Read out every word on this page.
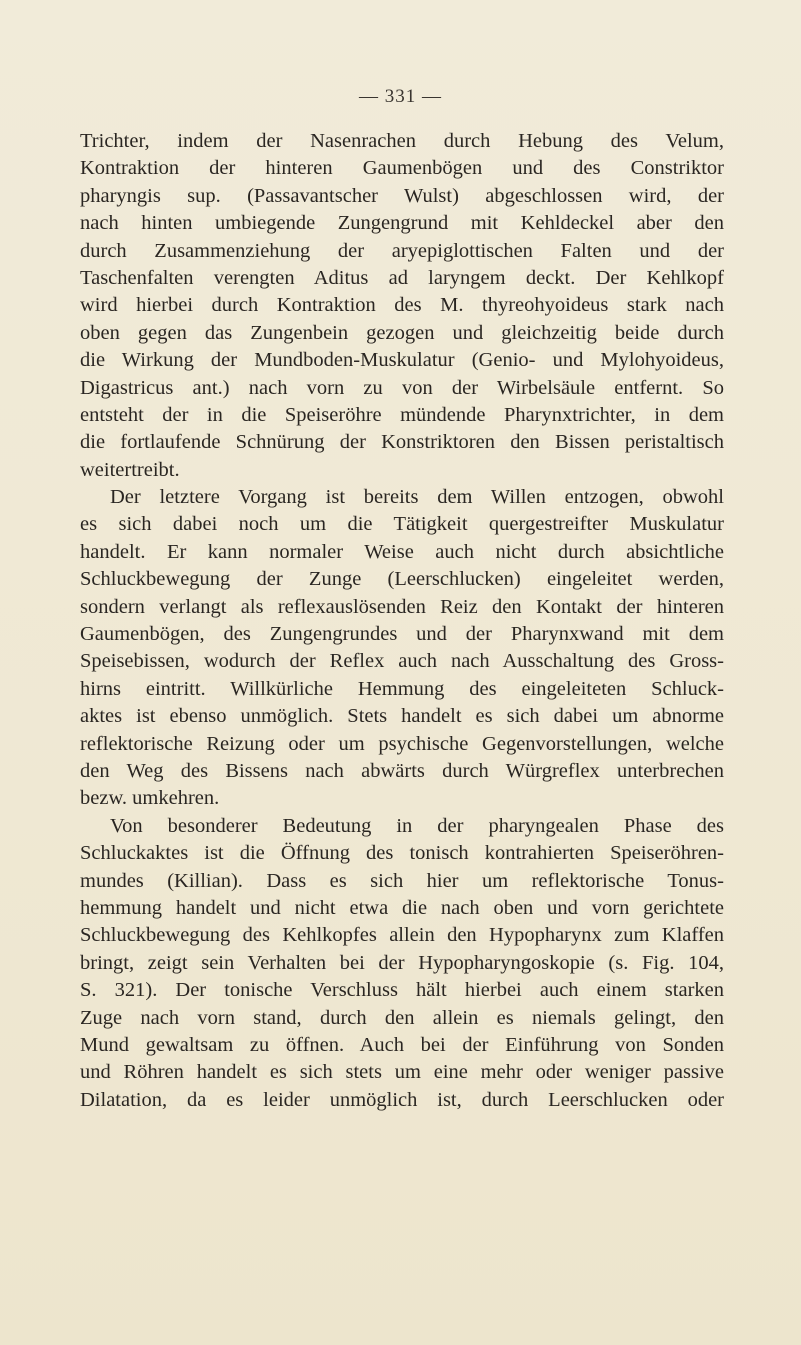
— 331 —
Trichter, indem der Nasenrachen durch Hebung des Velum,
Kontraktion der hinteren Gaumenbögen und des Constriktor
pharyngis sup. (Passavantscher Wulst) abgeschlossen wird, der
nach hinten umbiegende Zungengrund mit Kehldeckel aber den
durch Zusammenziehung der aryepiglottischen Falten und der
Taschenfalten verengten Aditus ad laryngem deckt. Der Kehlkopf
wird hierbei durch Kontraktion des M. thyreohyoideus stark nach
oben gegen das Zungenbein gezogen und gleichzeitig beide durch
die Wirkung der Mundboden-Muskulatur (Genio- und Mylohyoideus,
Digastricus ant.) nach vorn zu von der Wirbelsäule entfernt. So
entsteht der in die Speiseröhre mündende Pharynxtrichter, in dem
die fortlaufende Schnürung der Konstriktoren den Bissen peristaltisch
weitertreibt.
Der letztere Vorgang ist bereits dem Willen entzogen, obwohl
es sich dabei noch um die Tätigkeit quergestreifter Muskulatur
handelt. Er kann normaler Weise auch nicht durch absichtliche
Schluckbewegung der Zunge (Leerschlucken) eingeleitet werden,
sondern verlangt als reflexauslösenden Reiz den Kontakt der hinteren
Gaumenbögen, des Zungengrundes und der Pharynxwand mit dem
Speisebissen, wodurch der Reflex auch nach Ausschaltung des Gross-
hirns eintritt. Willkürliche Hemmung des eingeleiteten Schluck-
aktes ist ebenso unmöglich. Stets handelt es sich dabei um abnorme
reflektorische Reizung oder um psychische Gegenvorstellungen, welche
den Weg des Bissens nach abwärts durch Würgreflex unterbrechen
bezw. umkehren.
Von besonderer Bedeutung in der pharyngealen Phase des
Schluckaktes ist die Öffnung des tonisch kontrahierten Speiseröhren-
mundes (Killian). Dass es sich hier um reflektorische Tonus-
hemmung handelt und nicht etwa die nach oben und vorn gerichtete
Schluckbewegung des Kehlkopfes allein den Hypopharynx zum Klaffen
bringt, zeigt sein Verhalten bei der Hypopharyngoskopie (s. Fig. 104,
S. 321). Der tonische Verschluss hält hierbei auch einem starken
Zuge nach vorn stand, durch den allein es niemals gelingt, den
Mund gewaltsam zu öffnen. Auch bei der Einführung von Sonden
und Röhren handelt es sich stets um eine mehr oder weniger passive
Dilatation, da es leider unmöglich ist, durch Leerschlucken oder
